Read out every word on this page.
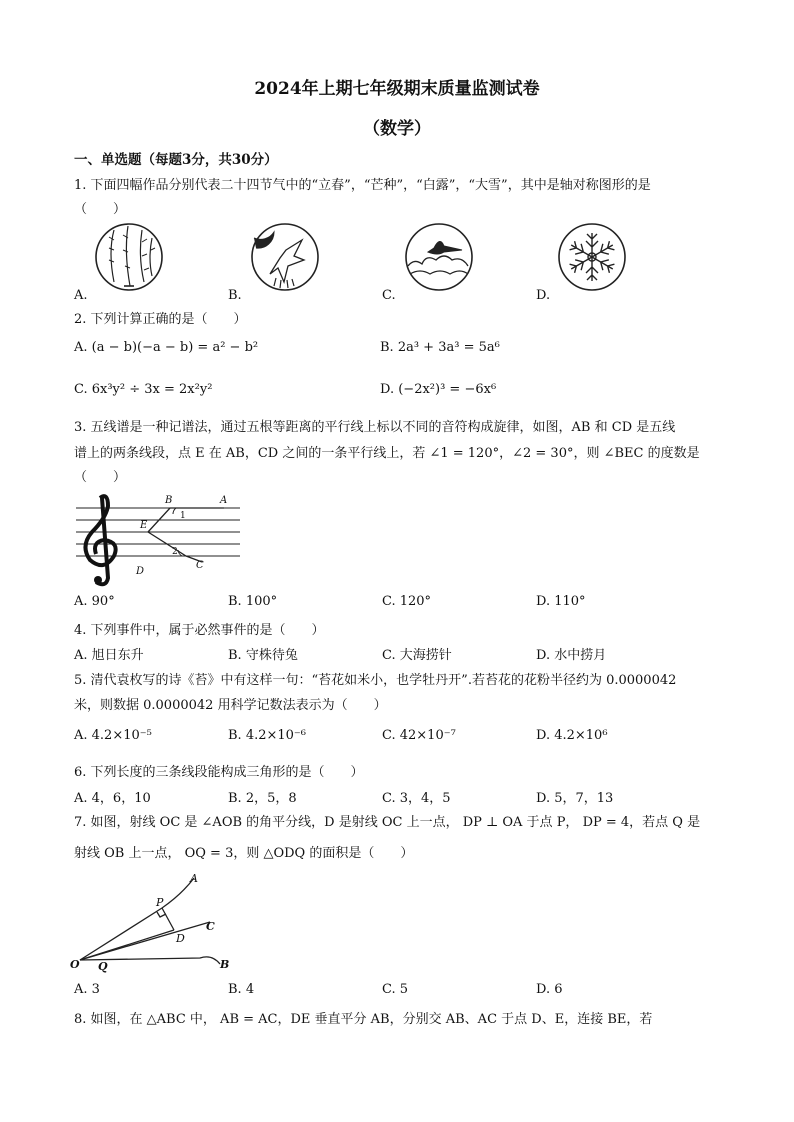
2024年上期七年级期末质量监测试卷
（数学）
一、单选题（每题3分，共30分）
1. 下面四幅作品分别代表二十四节气中的“立春”，“芒种”，“白露”，“大雪”，其中是轴对称图形的是
（　　）
A.	B.	C.	D.
2. 下列计算正确的是（　　）
A. (a − b)(−a − b) = a² − b²	B. 2a³ + 3a³ = 5a⁶
C. 6x³y² ÷ 3x = 2x²y²	D. (−2x²)³ = −6x⁶
3. 五线谱是一种记谱法，通过五根等距离的平行线上标以不同的音符构成旋律，如图，AB 和 CD 是五线
谱上的两条线段，点 E 在 AB，CD 之间的一条平行线上，若 ∠1 = 120°，∠2 = 30°，则 ∠BEC 的度数是
（　　）
B	A
1
E
2
C
D
A. 90°	B. 100°	C. 120°	D. 110°
4. 下列事件中，属于必然事件的是（　　）
A. 旭日东升	B. 守株待兔	C. 大海捞针	D. 水中捞月
5. 清代袁枚写的诗《苔》中有这样一句：“苔花如米小，也学牡丹开”.若苔花的花粉半径约为 0.0000042
米，则数据 0.0000042 用科学记数法表示为（　　）
A. 4.2×10⁻⁵	B. 4.2×10⁻⁶	C. 42×10⁻⁷	D. 4.2×10⁶
6. 下列长度的三条线段能构成三角形的是（　　）
A. 4，6，10	B. 2，5，8	C. 3，4，5	D. 5，7，13
7. 如图，射线 OC 是 ∠AOB 的角平分线，D 是射线 OC 上一点， DP ⊥ OA 于点 P， DP = 4，若点 Q 是
射线 OB 上一点， OQ = 3，则 △ODQ 的面积是（　　）
A
P
C
D
O Q	B
A. 3	B. 4	C. 5	D. 6
8. 如图，在 △ABC 中， AB = AC，DE 垂直平分 AB，分别交 AB、AC 于点 D、E，连接 BE，若
